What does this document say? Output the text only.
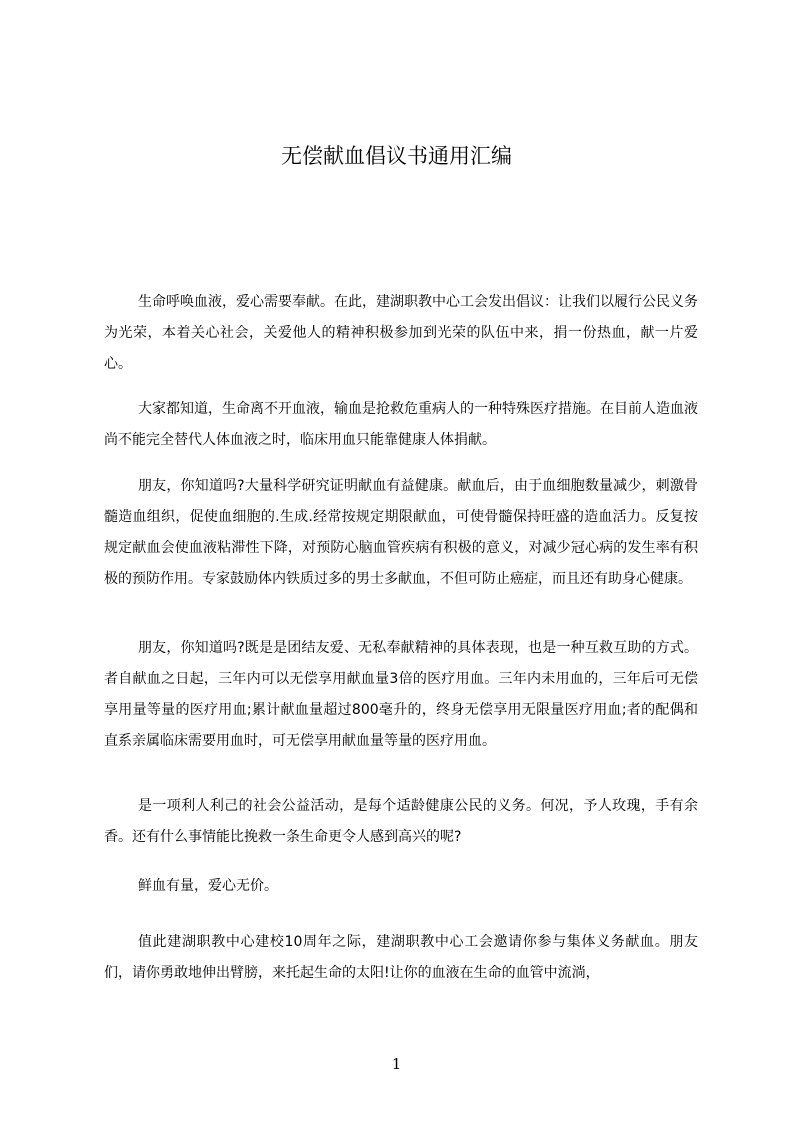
无偿献血倡议书通用汇编

生命呼唤血液，爱心需要奉献。在此，建湖职教中心工会发出倡议：让我们以履行公民义务为光荣，本着关心社会，关爱他人的精神积极参加到光荣的队伍中来，捐一份热血，献一片爱心。

大家都知道，生命离不开血液，输血是抢救危重病人的一种特殊医疗措施。在目前人造血液尚不能完全替代人体血液之时，临床用血只能靠健康人体捐献。

朋友，你知道吗?大量科学研究证明献血有益健康。献血后，由于血细胞数量减少，刺激骨髓造血组织，促使血细胞的.生成.经常按规定期限献血，可使骨髓保持旺盛的造血活力。反复按规定献血会使血液粘滞性下降，对预防心脑血管疾病有积极的意义，对减少冠心病的发生率有积极的预防作用。专家鼓励体内铁质过多的男士多献血，不但可防止癌症，而且还有助身心健康。

朋友，你知道吗?既是是团结友爱、无私奉献精神的具体表现，也是一种互救互助的方式。者自献血之日起，三年内可以无偿享用献血量3倍的医疗用血。三年内未用血的，三年后可无偿享用量等量的医疗用血;累计献血量超过800毫升的，终身无偿享用无限量医疗用血;者的配偶和直系亲属临床需要用血时，可无偿享用献血量等量的医疗用血。

是一项利人利己的社会公益活动，是每个适龄健康公民的义务。何况，予人玫瑰，手有余香。还有什么事情能比挽救一条生命更令人感到高兴的呢?

鲜血有量，爱心无价。

值此建湖职教中心建校10周年之际，建湖职教中心工会邀请你参与集体义务献血。朋友们，请你勇敢地伸出臂膀，来托起生命的太阳!让你的血液在生命的血管中流淌，

1
